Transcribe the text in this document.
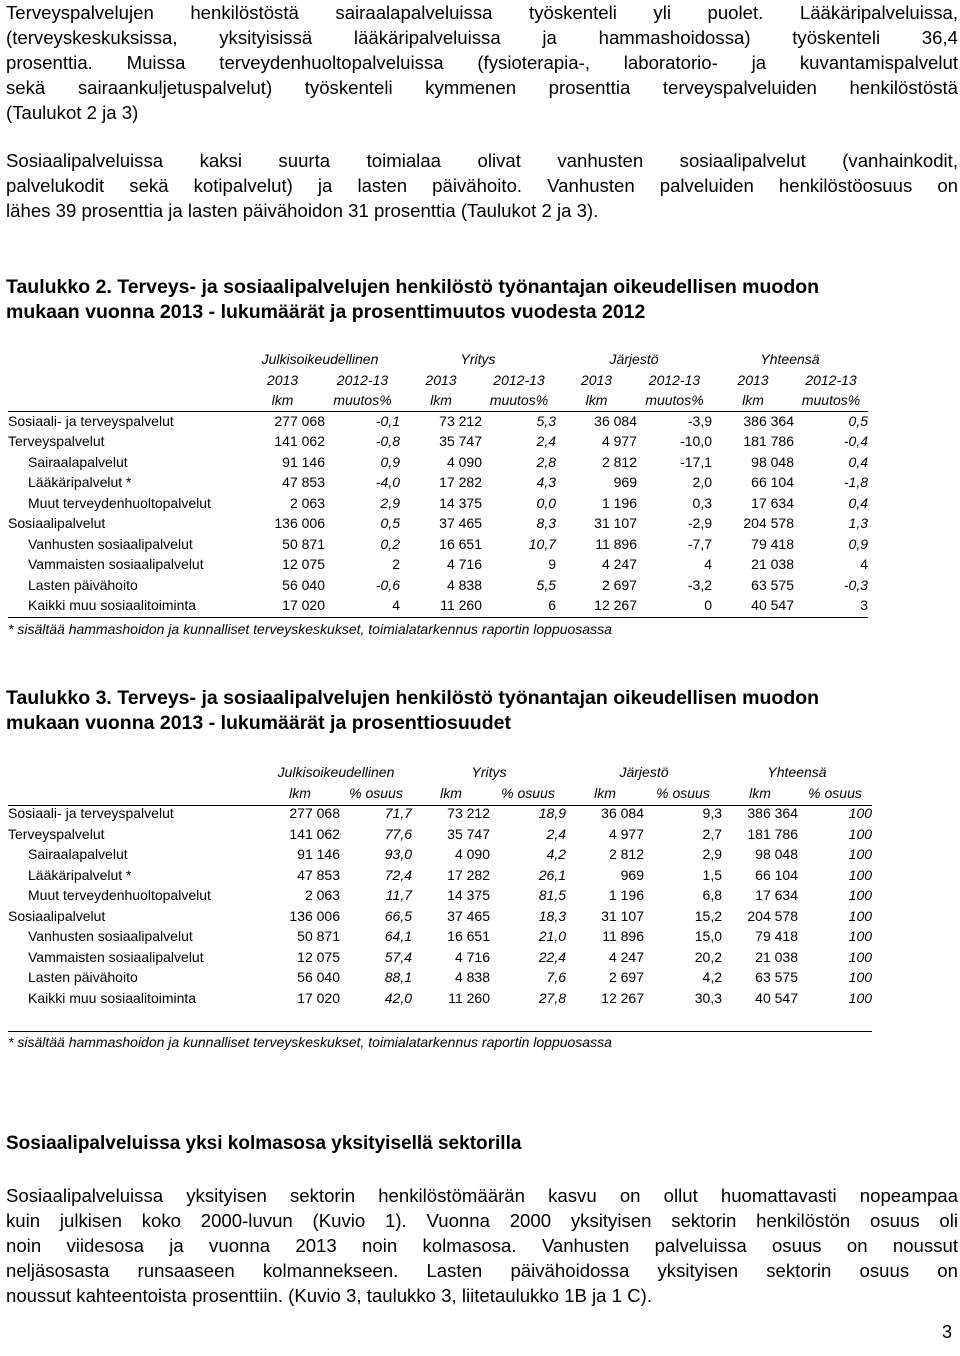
Terveyspalvelujen henkilöstöstä sairaalapalveluissa työskenteli yli puolet. Lääkäripalveluissa,
(terveyskeskuksissa, yksityisissä lääkäripalveluissa ja hammashoidossa) työskenteli 36,4
prosenttia. Muissa terveydenhuoltopalveluissa (fysioterapia-, laboratorio- ja kuvantamispalvelut
sekä sairaankuljetuspalvelut) työskenteli kymmenen prosenttia terveyspalveluiden henkilöstöstä
(Taulukot 2 ja 3)
Sosiaalipalveluissa kaksi suurta toimialaa olivat vanhusten sosiaalipalvelut (vanhainkodit,
palvelukodit sekä kotipalvelut) ja lasten päivähoito. Vanhusten palveluiden henkilöstöosuus on
lähes 39 prosenttia ja lasten päivähoidon 31 prosenttia (Taulukot 2 ja 3).
Taulukko 2. Terveys- ja sosiaalipalvelujen henkilöstö työnantajan oikeudellisen muodon
mukaan vuonna 2013 - lukumäärät ja prosenttimuutos vuodesta 2012
	Julkisoikeudellinen		Yritys		Järjestö		Yhteensä	
	2013	2012-13	2013	2012-13	2013	2012-13	2013	2012-13
	lkm	muutos%	lkm	muutos%	lkm	muutos%	lkm	muutos%
Sosiaali- ja terveyspalvelut	277 068	-0,1	73 212	5,3	36 084	-3,9	386 364	0,5
Terveyspalvelut	141 062	-0,8	35 747	2,4	4 977	-10,0	181 786	-0,4
Sairaalapalvelut	91 146	0,9	4 090	2,8	2 812	-17,1	98 048	0,4
Lääkäripalvelut *	47 853	-4,0	17 282	4,3	969	2,0	66 104	-1,8
Muut terveydenhuoltopalvelut	2 063	2,9	14 375	0,0	1 196	0,3	17 634	0,4
Sosiaalipalvelut	136 006	0,5	37 465	8,3	31 107	-2,9	204 578	1,3
Vanhusten sosiaalipalvelut	50 871	0,2	16 651	10,7	11 896	-7,7	79 418	0,9
Vammaisten sosiaalipalvelut	12 075	2	4 716	9	4 247	4	21 038	4
Lasten päivähoito	56 040	-0,6	4 838	5,5	2 697	-3,2	63 575	-0,3
Kaikki muu sosiaalitoiminta	17 020	4	11 260	6	12 267	0	40 547	3
* sisältää hammashoidon ja kunnalliset terveyskeskukset, toimialatarkennus raportin loppuosassa
Taulukko 3. Terveys- ja sosiaalipalvelujen henkilöstö työnantajan oikeudellisen muodon
mukaan vuonna 2013 - lukumäärät ja prosenttiosuudet
	Julkisoikeudellinen		Yritys		Järjestö		Yhteensä	
	lkm	% osuus	lkm	% osuus	lkm	% osuus	lkm	% osuus
Sosiaali- ja terveyspalvelut	277 068	71,7	73 212	18,9	36 084	9,3	386 364	100
Terveyspalvelut	141 062	77,6	35 747	2,4	4 977	2,7	181 786	100
Sairaalapalvelut	91 146	93,0	4 090	4,2	2 812	2,9	98 048	100
Lääkäripalvelut *	47 853	72,4	17 282	26,1	969	1,5	66 104	100
Muut terveydenhuoltopalvelut	2 063	11,7	14 375	81,5	1 196	6,8	17 634	100
Sosiaalipalvelut	136 006	66,5	37 465	18,3	31 107	15,2	204 578	100
Vanhusten sosiaalipalvelut	50 871	64,1	16 651	21,0	11 896	15,0	79 418	100
Vammaisten sosiaalipalvelut	12 075	57,4	4 716	22,4	4 247	20,2	21 038	100
Lasten päivähoito	56 040	88,1	4 838	7,6	2 697	4,2	63 575	100
Kaikki muu sosiaalitoiminta	17 020	42,0	11 260	27,8	12 267	30,3	40 547	100
* sisältää hammashoidon ja kunnalliset terveyskeskukset, toimialatarkennus raportin loppuosassa
Sosiaalipalveluissa yksi kolmasosa yksityisellä sektorilla
Sosiaalipalveluissa yksityisen sektorin henkilöstömäärän kasvu on ollut huomattavasti nopeampaa
kuin julkisen koko 2000-luvun (Kuvio 1). Vuonna 2000 yksityisen sektorin henkilöstön osuus oli
noin viidesosa ja vuonna 2013 noin kolmasosa. Vanhusten palveluissa osuus on noussut
neljäsosasta runsaaseen kolmannekseen. Lasten päivähoidossa yksityisen sektorin osuus on
noussut kahteentoista prosenttiin. (Kuvio 3, taulukko 3, liitetaulukko 1B ja 1 C).
3
